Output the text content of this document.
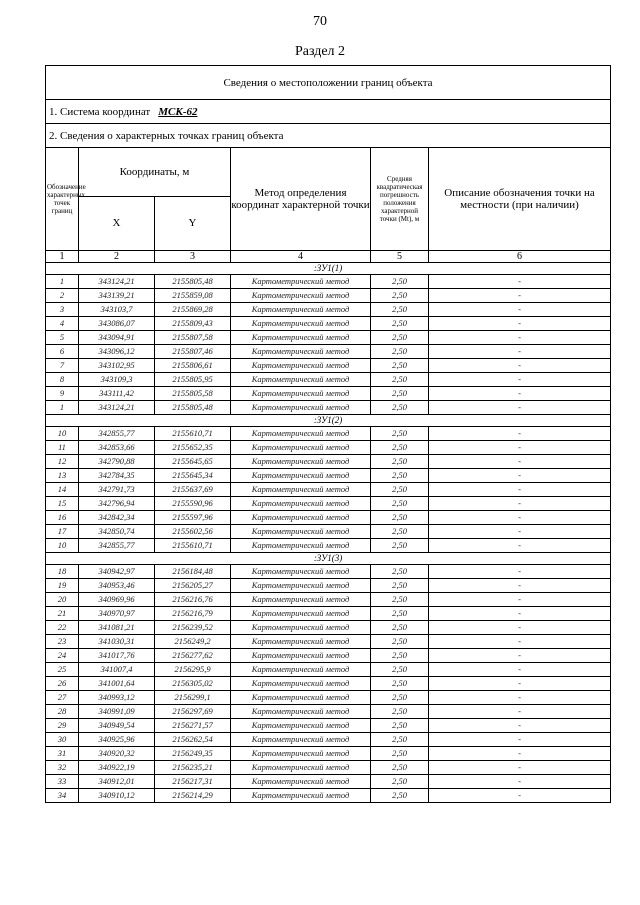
70
Раздел 2
Сведения о местоположении границ объекта					
1. Система координат МСК-62					
2. Сведения о характерных точках границ объекта					
Обозначение характерных точек границ	Координаты, м		Метод определения координат характерной точки	Средняя квадратическая погрешность положения характерной точки (Mt), м	Описание обозначения точки на местности (при наличии)
	X	Y			
1	2	3	4	5	6
:ЗУ1(1)					
1	343124,21	2155805,48	Картометрический метод	2,50	-
2	343139,21	2155859,08	Картометрический метод	2,50	-
3	343103,7	2155869,28	Картометрический метод	2,50	-
4	343086,07	2155809,43	Картометрический метод	2,50	-
5	343094,91	2155807,58	Картометрический метод	2,50	-
6	343096,12	2155807,46	Картометрический метод	2,50	-
7	343102,95	2155806,61	Картометрический метод	2,50	-
8	343109,3	2155805,95	Картометрический метод	2,50	-
9	343111,42	2155805,58	Картометрический метод	2,50	-
1	343124,21	2155805,48	Картометрический метод	2,50	-
:ЗУ1(2)					
10	342855,77	2155610,71	Картометрический метод	2,50	-
11	342853,66	2155652,35	Картометрический метод	2,50	-
12	342790,88	2155645,65	Картометрический метод	2,50	-
13	342784,35	2155645,34	Картометрический метод	2,50	-
14	342791,73	2155637,69	Картометрический метод	2,50	-
15	342796,94	2155590,96	Картометрический метод	2,50	-
16	342842,34	2155597,96	Картометрический метод	2,50	-
17	342850,74	2155602,56	Картометрический метод	2,50	-
10	342855,77	2155610,71	Картометрический метод	2,50	-
:ЗУ1(3)					
18	340942,97	2156184,48	Картометрический метод	2,50	-
19	340953,46	2156205,27	Картометрический метод	2,50	-
20	340969,96	2156216,76	Картометрический метод	2,50	-
21	340970,97	2156216,79	Картометрический метод	2,50	-
22	341081,21	2156239,52	Картометрический метод	2,50	-
23	341030,31	2156249,2	Картометрический метод	2,50	-
24	341017,76	2156277,62	Картометрический метод	2,50	-
25	341007,4	2156295,9	Картометрический метод	2,50	-
26	341001,64	2156305,02	Картометрический метод	2,50	-
27	340993,12	2156299,1	Картометрический метод	2,50	-
28	340991,09	2156297,69	Картометрический метод	2,50	-
29	340949,54	2156271,57	Картометрический метод	2,50	-
30	340925,96	2156262,54	Картометрический метод	2,50	-
31	340920,32	2156249,35	Картометрический метод	2,50	-
32	340922,19	2156235,21	Картометрический метод	2,50	-
33	340912,01	2156217,31	Картометрический метод	2,50	-
34	340910,12	2156214,29	Картометрический метод	2,50	-
